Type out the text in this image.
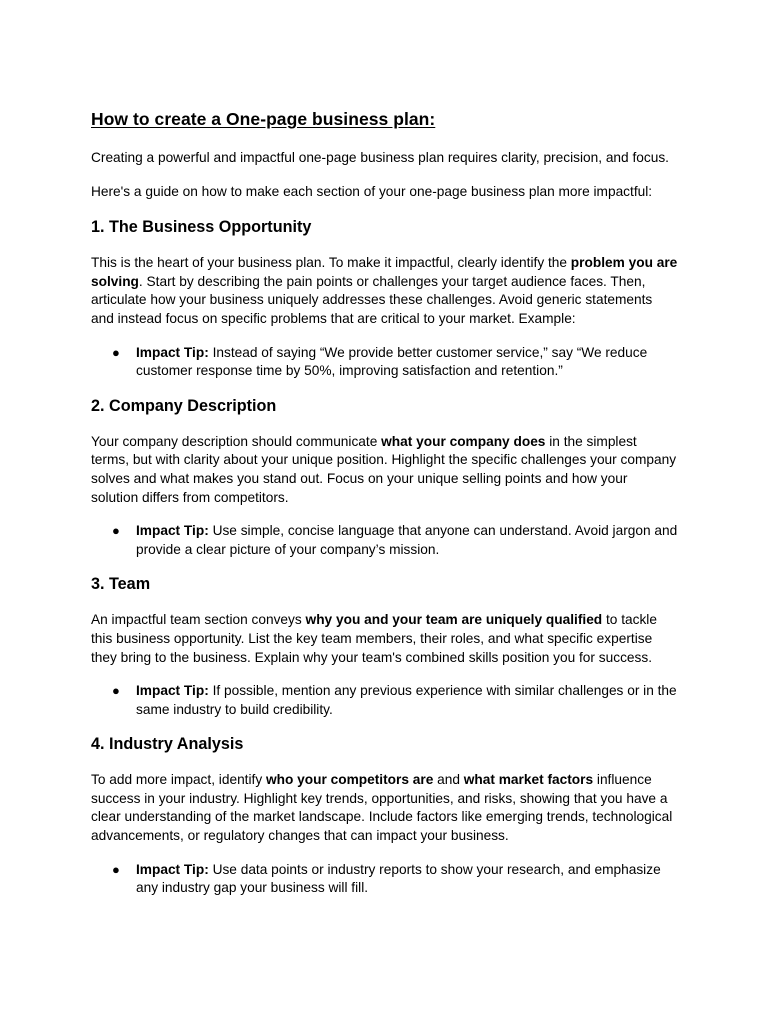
How to create a One-page business plan:

Creating a powerful and impactful one-page business plan requires clarity, precision, and focus.

Here's a guide on how to make each section of your one-page business plan more impactful:

1. The Business Opportunity

This is the heart of your business plan. To make it impactful, clearly identify the problem you are solving. Start by describing the pain points or challenges your target audience faces. Then, articulate how your business uniquely addresses these challenges. Avoid generic statements and instead focus on specific problems that are critical to your market. Example:

● Impact Tip: Instead of saying “We provide better customer service,” say “We reduce customer response time by 50%, improving satisfaction and retention.”
2. Company Description

Your company description should communicate what your company does in the simplest terms, but with clarity about your unique position. Highlight the specific challenges your company solves and what makes you stand out. Focus on your unique selling points and how your solution differs from competitors.

● Impact Tip: Use simple, concise language that anyone can understand. Avoid jargon and provide a clear picture of your company’s mission.
3. Team

An impactful team section conveys why you and your team are uniquely qualified to tackle this business opportunity. List the key team members, their roles, and what specific expertise they bring to the business. Explain why your team's combined skills position you for success.

● Impact Tip: If possible, mention any previous experience with similar challenges or in the same industry to build credibility.
4. Industry Analysis

To add more impact, identify who your competitors are and what market factors influence success in your industry. Highlight key trends, opportunities, and risks, showing that you have a clear understanding of the market landscape. Include factors like emerging trends, technological advancements, or regulatory changes that can impact your business.

● Impact Tip: Use data points or industry reports to show your research, and emphasize any industry gap your business will fill.
